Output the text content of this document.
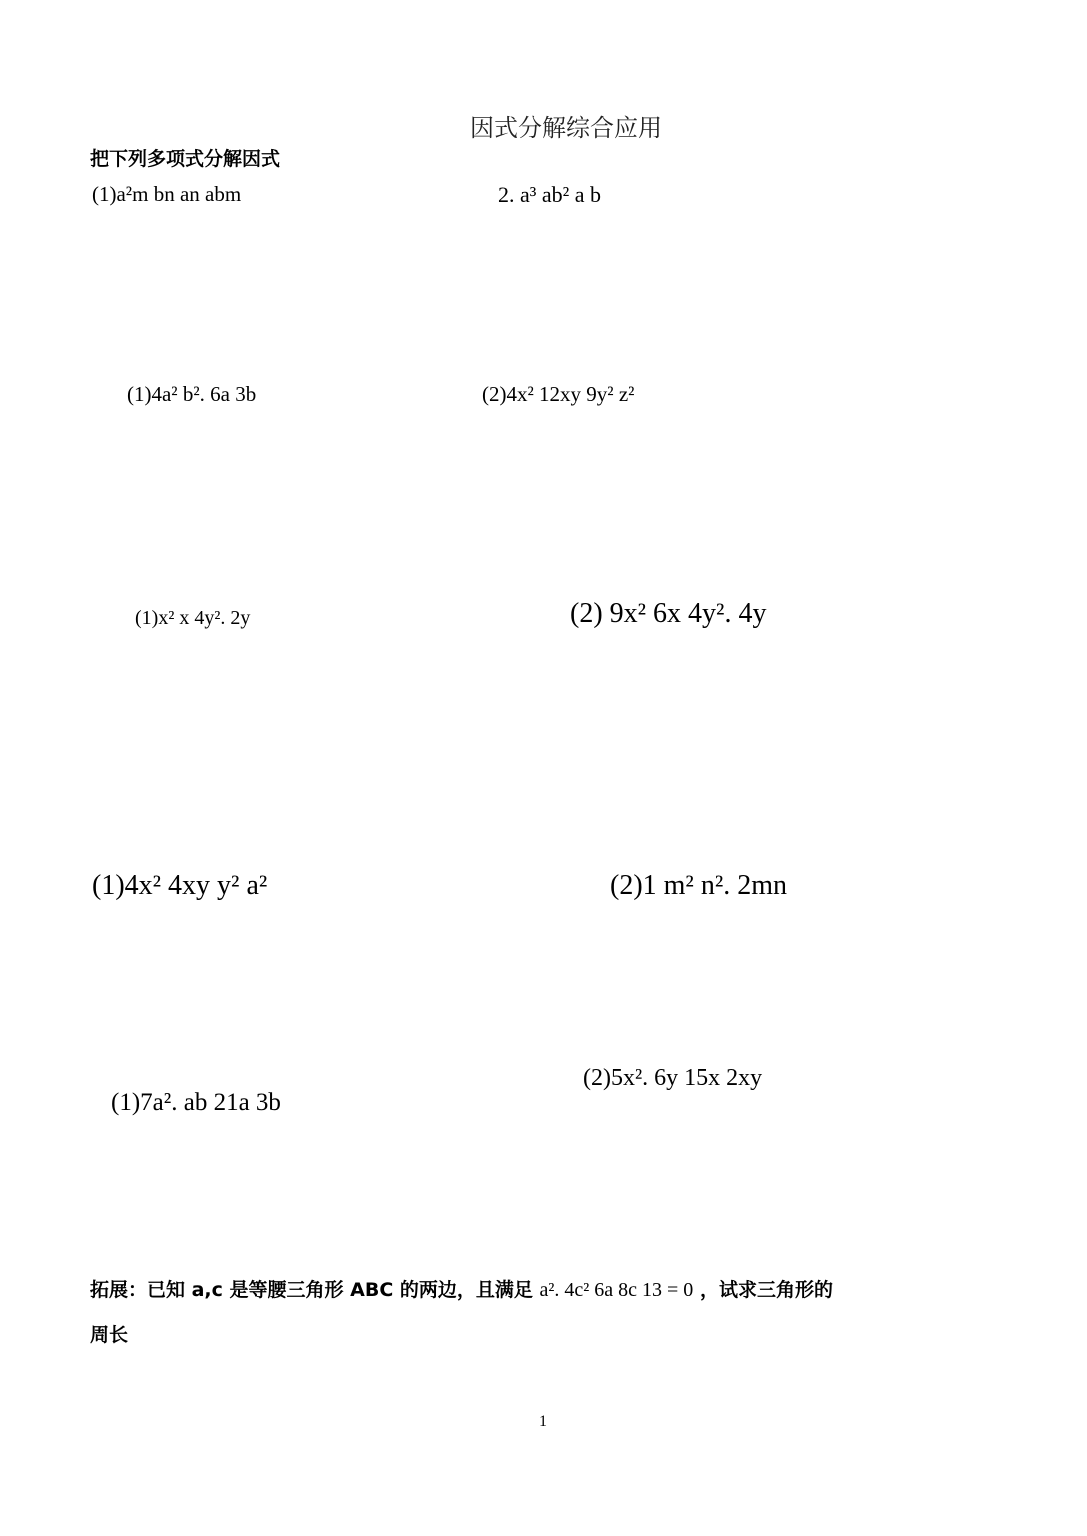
因式分解综合应用
把下列多项式分解因式
(1)a²m bn an abm	2. a³ ab² a b
(1)4a² b². 6a 3b	(2)4x² 12xy 9y² z²
(1)x² x 4y². 2y	(2) 9x² 6x 4y². 4y
(1)4x² 4xy y² a²	(2)1 m² n². 2mn
(2)5x². 6y 15x 2xy
(1)7a². ab 21a 3b
拓展：已知 a,c 是等腰三角形 ABC 的两边，且满足 a². 4c² 6a 8c 13 = 0 ，试求三角形的
周长
1
